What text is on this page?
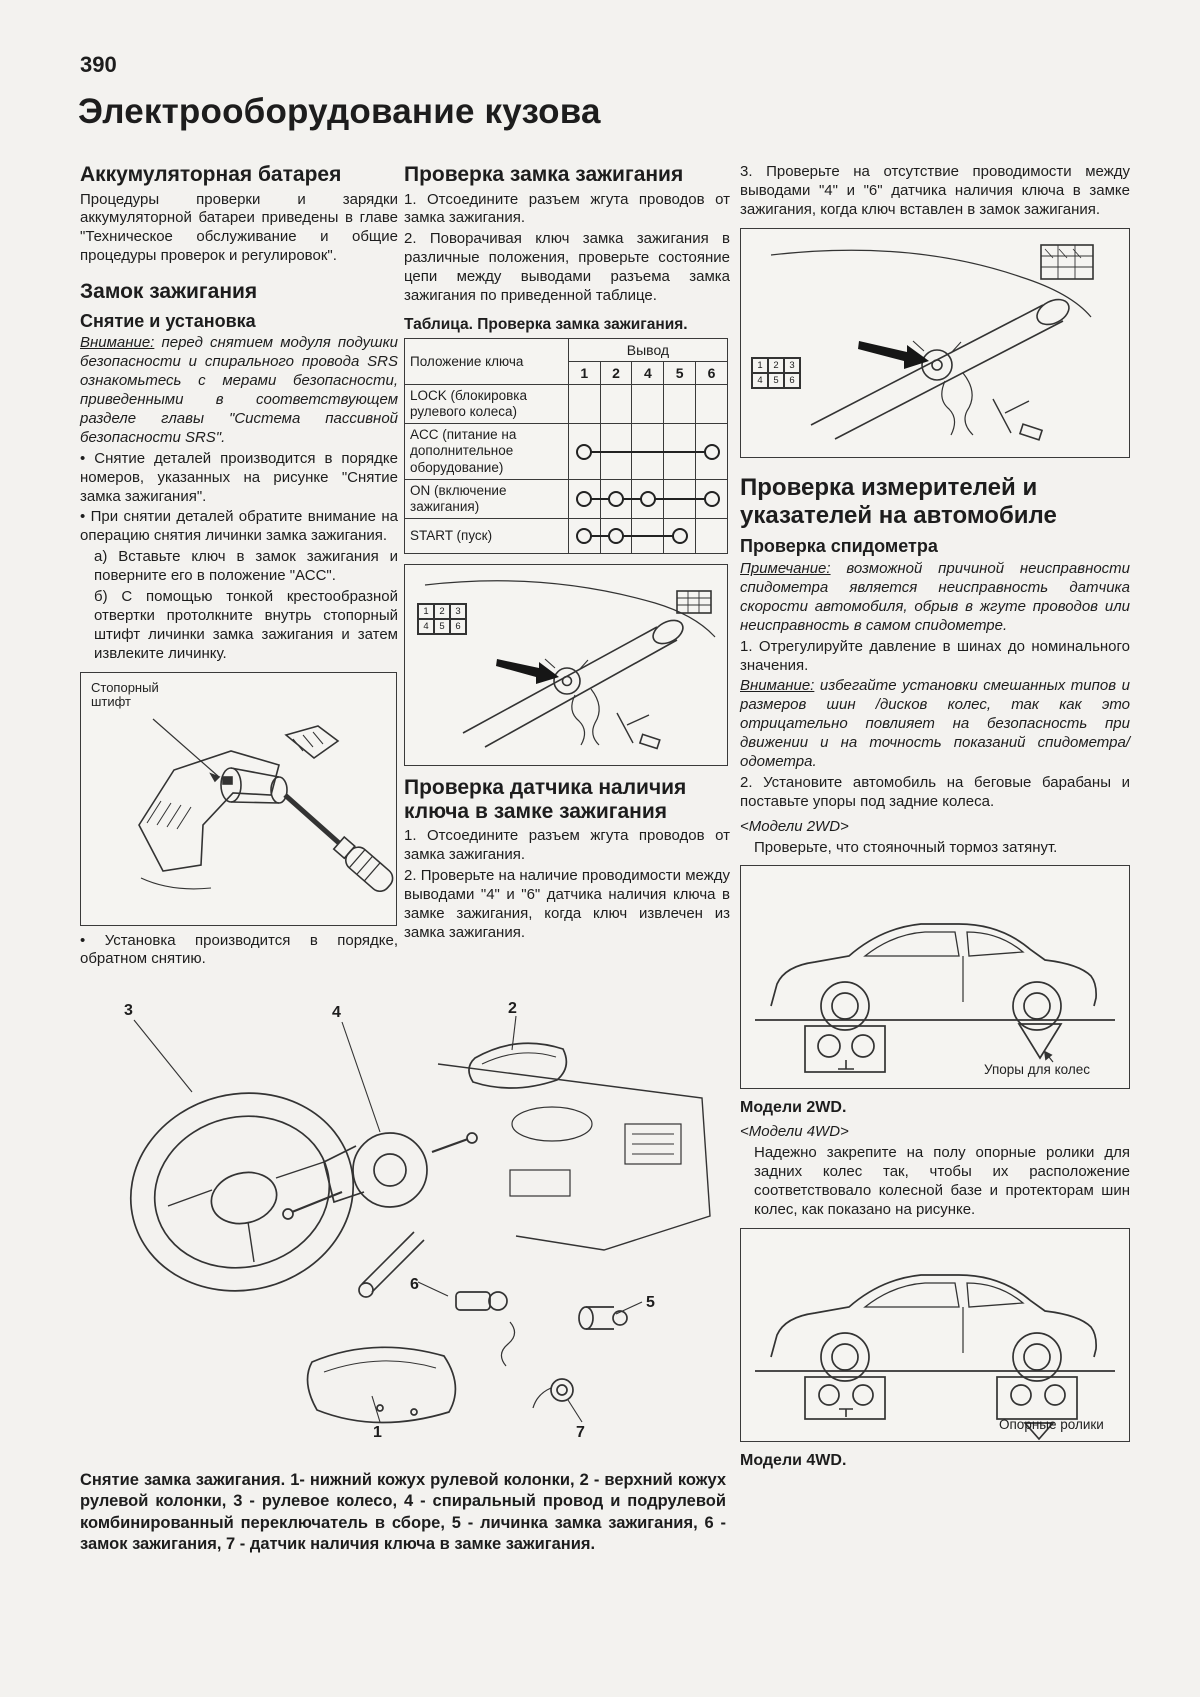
390
Электрооборудование кузова
Аккумуляторная батарея

Процедуры проверки и зарядки аккумуляторной батареи приведены в главе "Техническое обслуживание и общие процедуры проверок и регулировок".

Замок зажигания
Снятие и установка

Внимание: перед снятием модуля подушки безопасности и спирального провода SRS ознакомьтесь с мерами безопасности, приведенными в соответствующем разделе главы "Система пассивной безопасности SRS".

• Снятие деталей производится в порядке номеров, указанных на рисунке "Снятие замка зажигания".

• При снятии деталей обратите внимание на операцию снятия личинки замка зажигания.

а) Вставьте ключ в замок зажигания и поверните его в положение "АСС".

б) С помощью тонкой крестообразной отвертки протолкните внутрь стопорный штифт личинки замка зажигания и затем извлеките личинку.

Стопорный штифт

• Установка производится в порядке, обратном снятию.

Проверка замка зажигания

1. Отсоедините разъем жгута проводов от замка зажигания.

2. Поворачивая ключ замка зажигания в различные положения, проверьте состояние цепи между выводами разъема замка зажигания по приведенной таблице.

Таблица. Проверка замка зажигания.
Положение ключа	Вывод				
	1	2	4	5	6
LOCK (блокировка рулевого колеса)					
ACC (питание на дополнительное оборудование)	

ON (включение зажигания)	

START (пуск)	

1	2	3
4	5	6
Проверка датчика наличия ключа в замке зажигания

1. Отсоедините разъем жгута проводов от замка зажигания.

2. Проверьте на наличие проводимости между выводами "4" и "6" датчика наличия ключа в замке зажигания, когда ключ извлечен из замка зажигания.

3. Проверьте на отсутствие проводимости между выводами "4" и "6" датчика наличия ключа в замке зажигания, когда ключ вставлен в замок зажигания.

1	2	3
4	5	6
Проверка измерителей и указателей на автомобиле
Проверка спидометра

Примечание: возможной причиной неисправности спидометра является неисправность датчика скорости автомобиля, обрыв в жгуте проводов или неисправность в самом спидометре.

1. Отрегулируйте давление в шинах до номинального значения.

Внимание: избегайте установки смешанных типов и размеров шин /дисков колес, так как это отрицательно повлияет на безопасность при движении и на точность показаний спидометра/одометра.

2. Установите автомобиль на беговые барабаны и поставьте упоры под задние колеса.

<Модели 2WD>

Проверьте, что стояночный тормоз затянут.

Упоры для колес
Модели 2WD.

<Модели 4WD>

Надежно закрепите на полу опорные ролики для задних колес так, чтобы их расположение соответствовало колесной базе и протекторам шин колес, как показано на рисунке.

Опорные ролики
Модели 4WD.
3	4	2
6
5
1	7
Снятие замка зажигания. 1- нижний кожух рулевой колонки, 2 - верхний кожух рулевой колонки, 3 - рулевое колесо, 4 - спиральный провод и подрулевой комбинированный переключатель в сборе, 5 - личинка замка зажигания, 6 - замок зажигания, 7 - датчик наличия ключа в замке зажигания.
